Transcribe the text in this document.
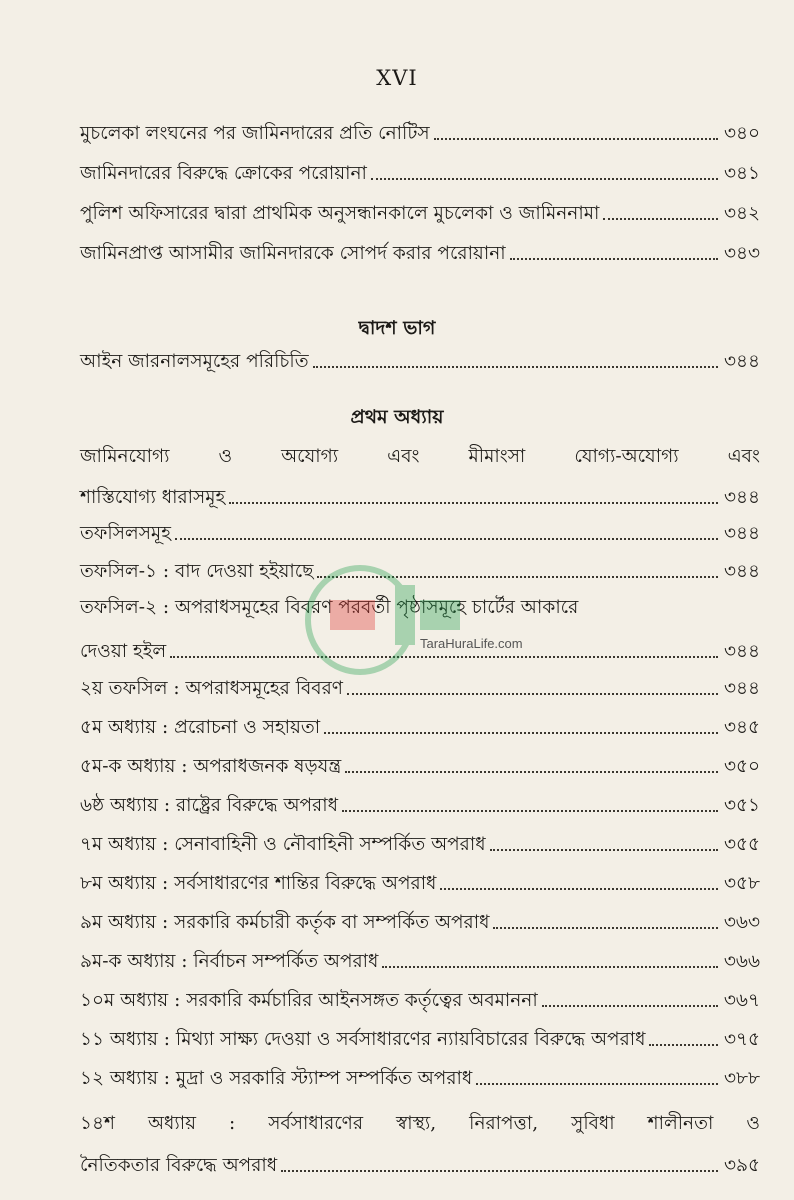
XVI
মুচলেকা লংঘনের পর জামিনদারের প্রতি নোটিস	৩৪০
জামিনদারের বিরুদ্ধে ক্রোকের পরোয়ানা	৩৪১
পুলিশ অফিসারের দ্বারা প্রাথমিক অনুসন্ধানকালে মুচলেকা ও জামিননামা	৩৪২
জামিনপ্রাপ্ত আসামীর জামিনদারকে সোপর্দ করার পরোয়ানা	৩৪৩
দ্বাদশ ভাগ
আইন জারনালসমূহের পরিচিতি	৩৪৪
প্রথম অধ্যায়
জামিনযোগ্য	ও	অযোগ্য	এবং	মীমাংসা	যোগ্য-অযোগ্য	এবং
শাস্তিযোগ্য ধারাসমূহ	৩৪৪
তফসিলসমূহ	৩৪৪
তফসিল-১ : বাদ দেওয়া হইয়াছে	৩৪৪
তফসিল-২ : অপরাধসমূহের বিবরণ পরবর্তী পৃষ্ঠাসমূহে চার্টের আকারে
দেওয়া হইল	৩৪৪
২য় তফসিল : অপরাধসমূহের বিবরণ	৩৪৪
৫ম অধ্যায় : প্ররোচনা ও সহায়তা	৩৪৫
৫ম-ক অধ্যায় : অপরাধজনক ষড়যন্ত্র	৩৫০
৬ষ্ঠ অধ্যায় : রাষ্ট্রের বিরুদ্ধে অপরাধ	৩৫১
৭ম অধ্যায় : সেনাবাহিনী ও নৌবাহিনী সম্পর্কিত অপরাধ	৩৫৫
৮ম অধ্যায় : সর্বসাধারণের শান্তির বিরুদ্ধে অপরাধ	৩৫৮
৯ম অধ্যায় : সরকারি কর্মচারী কর্তৃক বা সম্পর্কিত অপরাধ	৩৬৩
৯ম-ক অধ্যায় : নির্বাচন সম্পর্কিত অপরাধ	৩৬৬
১০ম অধ্যায় : সরকারি কর্মচারির আইনসঙ্গত কর্তৃত্বের অবমাননা	৩৬৭
১১ অধ্যায় : মিথ্যা সাক্ষ্য দেওয়া ও সর্বসাধারণের ন্যায়বিচারের বিরুদ্ধে অপরাধ	৩৭৫
১২ অধ্যায় : মুদ্রা ও সরকারি স্ট্যাম্প সম্পর্কিত অপরাধ	৩৮৮
১৪শ অধ্যায় : সর্বসাধারণের স্বাস্থ্য, নিরাপত্তা, সুবিধা শালীনতা ও
নৈতিকতার বিরুদ্ধে অপরাধ	৩৯৫
TaraHuraLife.com
